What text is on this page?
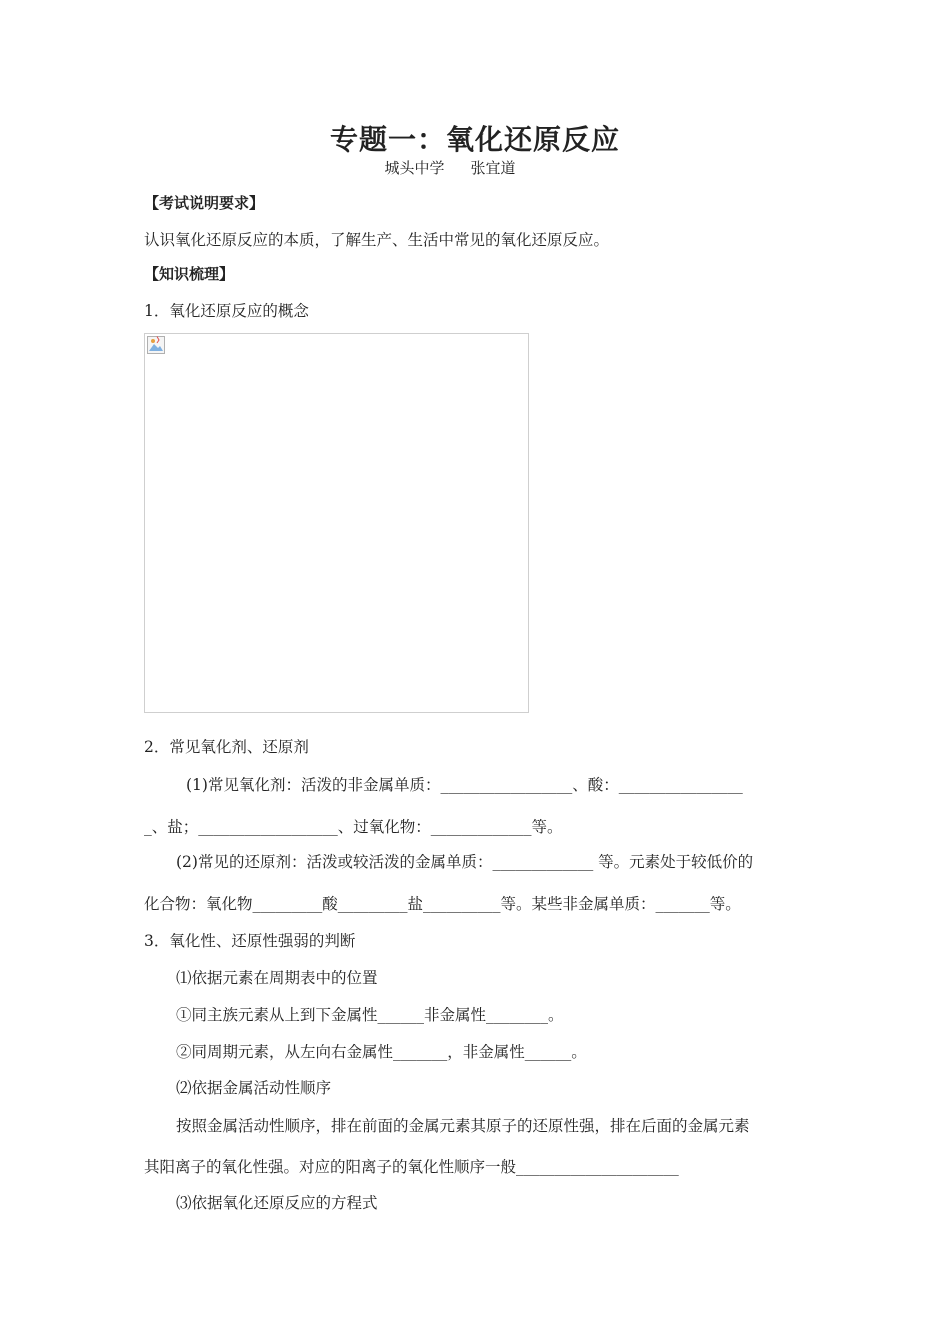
专题一：氧化还原反应
城头中学 张宜道
【考试说明要求】
认识氧化还原反应的本质，了解生产、生活中常见的氧化还原反应。
【知识梳理】
1．氧化还原反应的概念
2．常见氧化剂、还原剂
(1)常见氧化剂：活泼的非金属单质：_________________、酸：________________
_、盐；__________________、过氧化物：_____________等。
(2)常见的还原剂：活泼或较活泼的金属单质：_____________ 等。元素处于较低价的
化合物：氧化物_________酸_________盐__________等。某些非金属单质：_______等。
3．氧化性、还原性强弱的判断
⑴依据元素在周期表中的位置
①同主族元素从上到下金属性______非金属性________。
②同周期元素，从左向右金属性_______，非金属性______。
⑵依据金属活动性顺序
按照金属活动性顺序，排在前面的金属元素其原子的还原性强，排在后面的金属元素
其阳离子的氧化性强。对应的阳离子的氧化性顺序一般_____________________
⑶依据氧化还原反应的方程式
